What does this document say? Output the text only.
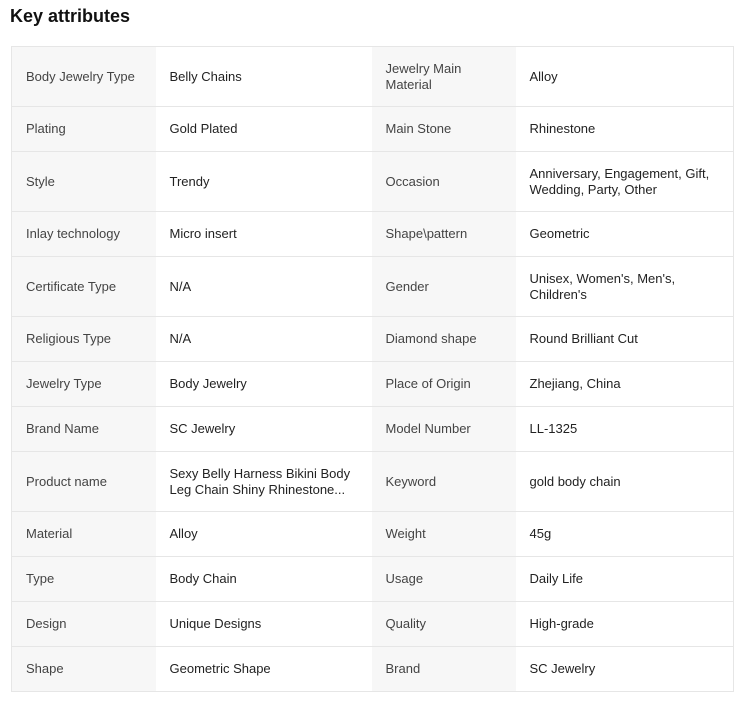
Key attributes
Body Jewelry Type	Belly Chains	Jewelry Main Material	Alloy
Plating	Gold Plated	Main Stone	Rhinestone
Style	Trendy	Occasion	Anniversary, Engagement, Gift, Wedding, Party, Other
Inlay technology	Micro insert	Shape\pattern	Geometric
Certificate Type	N/A	Gender	Unisex, Women's, Men's, Children's
Religious Type	N/A	Diamond shape	Round Brilliant Cut
Jewelry Type	Body Jewelry	Place of Origin	Zhejiang, China
Brand Name	SC Jewelry	Model Number	LL-1325
Product name	Sexy Belly Harness Bikini Body Leg Chain Shiny Rhinestone...	Keyword	gold body chain
Material	Alloy	Weight	45g
Type	Body Chain	Usage	Daily Life
Design	Unique Designs	Quality	High-grade
Shape	Geometric Shape	Brand	SC Jewelry
